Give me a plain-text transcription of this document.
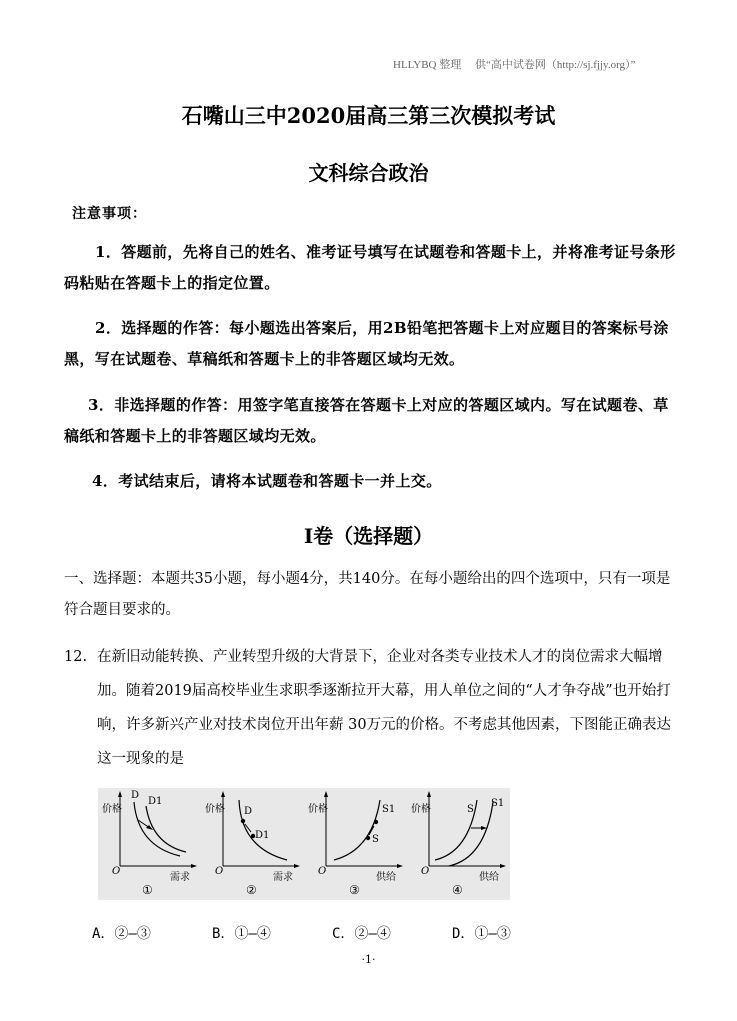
HLLYBQ 整理　 供“高中试卷网（http://sj.fjjy.org）”
石嘴山三中2020届高三第三次模拟考试
文科综合政治
注意事项：
1．答题前，先将自己的姓名、准考证号填写在试题卷和答题卡上，并将准考证号条形码粘贴在答题卡上的指定位置。
2．选择题的作答：每小题选出答案后，用2B铅笔把答题卡上对应题目的答案标号涂黑，写在试题卷、草稿纸和答题卡上的非答题区域均无效。
3．非选择题的作答：用签字笔直接答在答题卡上对应的答题区域内。写在试题卷、草稿纸和答题卡上的非答题区域均无效。
4．考试结束后，请将本试题卷和答题卡一并上交。
Ⅰ卷（选择题）
一、选择题：本题共35小题，每小题4分，共140分。在每小题给出的四个选项中，只有一项是符合题目要求的。
12. 在新旧动能转换、产业转型升级的大背景下，企业对各类专业技术人才的岗位需求大幅增加。随着2019届高校毕业生求职季逐渐拉开大幕，用人单位之间的“人才争夺战”也开始打响，许多新兴产业对技术岗位开出年薪 30万元的价格。不考虑其他因素，下图能正确表达这一现象的是
价格
D
D1
O
需求
①
价格 D
D1
O
需求
②
价格	S1
S
O
供给
③
价格	S
S1
O
供给
④
A．②—③	B．①—④	C．②—④	D．①—③
·1·
